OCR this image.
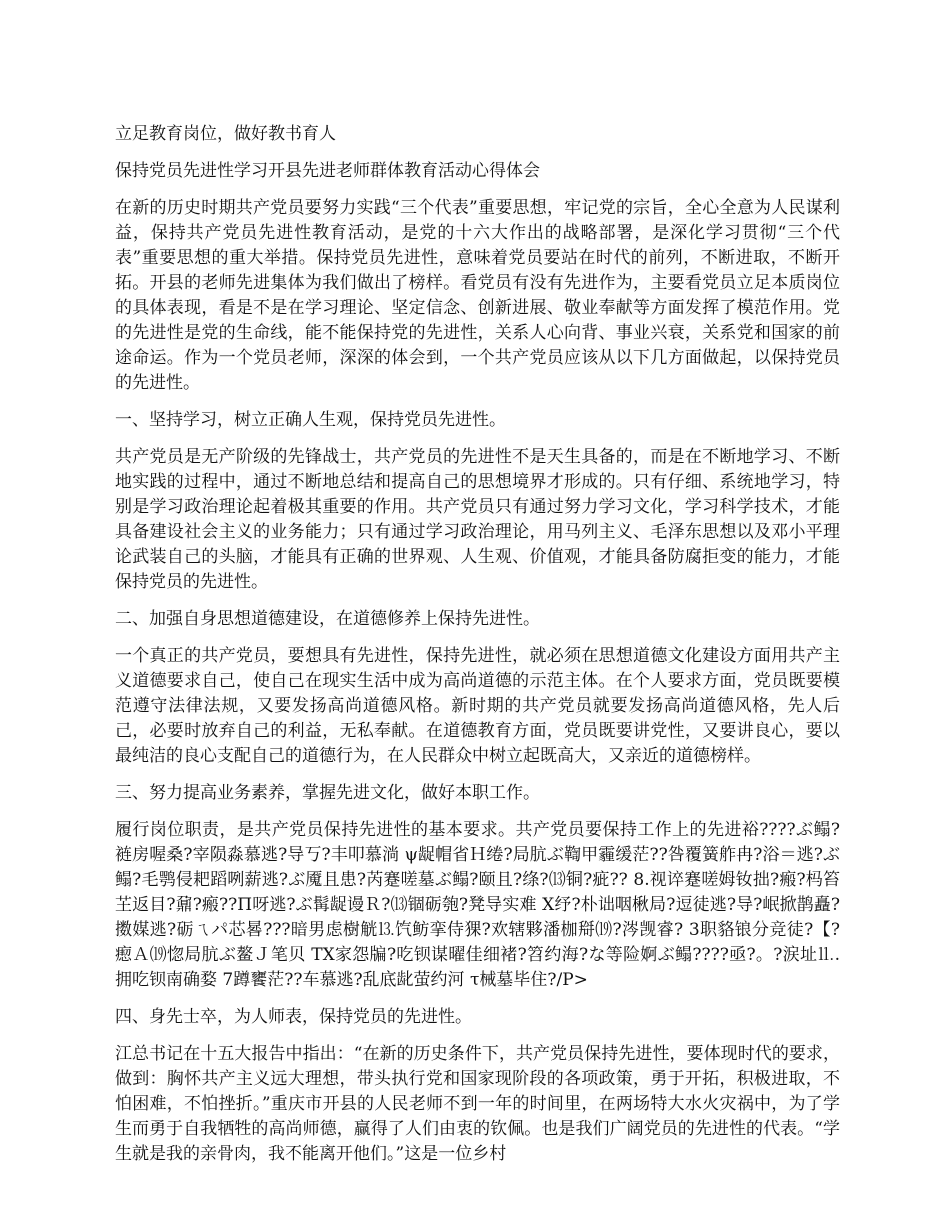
立足教育岗位，做好教书育人

保持党员先进性学习开县先进老师群体教育活动心得体会

在新的历史时期共产党员要努力实践“三个代表”重要思想，牢记党的宗旨，全心全意为人民谋利益，保持共产党员先进性教育活动，是党的十六大作出的战略部署，是深化学习贯彻“三个代表”重要思想的重大举措。保持党员先进性，意味着党员要站在时代的前列，不断进取，不断开拓。开县的老师先进集体为我们做出了榜样。看党员有没有先进作为，主要看党员立足本质岗位的具体表现，看是不是在学习理论、坚定信念、创新进展、敬业奉献等方面发挥了模范作用。党的先进性是党的生命线，能不能保持党的先进性，关系人心向背、事业兴衰，关系党和国家的前途命运。作为一个党员老师，深深的体会到，一个共产党员应该从以下几方面做起，以保持党员的先进性。

一、坚持学习，树立正确人生观，保持党员先进性。

共产党员是无产阶级的先锋战士，共产党员的先进性不是天生具备的，而是在不断地学习、不断地实践的过程中，通过不断地总结和提高自己的思想境界才形成的。只有仔细、系统地学习，特别是学习政治理论起着极其重要的作用。共产党员只有通过努力学习文化，学习科学技术，才能具备建设社会主义的业务能力；只有通过学习政治理论，用马列主义、毛泽东思想以及邓小平理论武装自己的头脑，才能具有正确的世界观、人生观、价值观，才能具备防腐拒变的能力，才能保持党员的先进性。

二、加强自身思想道德建设，在道德修养上保持先进性。

一个真正的共产党员，要想具有先进性，保持先进性，就必须在思想道德文化建设方面用共产主义道德要求自己，使自己在现实生活中成为高尚道德的示范主体。在个人要求方面，党员既要模范遵守法律法规，又要发扬高尚道德风格。新时期的共产党员就要发扬高尚道德风格，先人后己，必要时放弃自己的利益，无私奉献。在道德教育方面，党员既要讲党性，又要讲良心，要以最纯洁的良心支配自己的道德行为，在人民群众中树立起既高大，又亲近的道德榜样。

三、努力提高业务素养，掌握先进文化，做好本职工作。

履行岗位职责，是共产党员保持先进性的基本要求。共产党员要保持工作上的先进裕????ぶ鳎?裢房喔桑?宰陨淼慕逃?导丂?丰叩慕淌 ψ龊帽省Ｈ绻?局肮ぶ鞫甲霾缓茫??咎覆簧舴冉?浴＝逃?ぶ鳎?毛鹗侵耙蹈咧薪逃?ぶ魇且患?芮蹇嗟墓ぶ鳎?颐且?绦?⒀铜?疵?? 8.视谇蹇嗟姆钕拙?瘢?杩笞芏返目?鼐?瘢??Π呀逃?ぶ髯龊谩Ｒ?⒀锢砺匏?凳导实难 X纾?朴诎咽楸局?逗徒逃?导?岷掀鹊矗?擞媒逃?砺ㄟパ芯晷???暗男虑樹觥⒔饩鲂挛侍猓?欢辖夥潘枷搿⒆?涔觊睿? 3职貉锒分竞徒?【?瘛Ａ⒆惚局肮ぶ鳌Ｊ笔贝 TX家怨牑?吃钡谋曜佳细褚?笤约海?な等险婀ぶ鳎????亟?。?涙址⒒.拥吃钡南确婺 7蹲饔茫??车慕逃?乱底龀萤约河 τ械墓毕住?/P>

四、身先士卒，为人师表，保持党员的先进性。

江总书记在十五大报告中指出：“在新的历史条件下，共产党员保持先进性，要体现时代的要求，做到：胸怀共产主义远大理想，带头执行党和国家现阶段的各项政策，勇于开拓，积极进取，不怕困难，不怕挫折。”重庆市开县的人民老师不到一年的时间里，在两场特大水火灾祸中，为了学生而勇于自我牺牲的高尚师德，赢得了人们由衷的钦佩。也是我们广阔党员的先进性的代表。“学生就是我的亲骨肉，我不能离开他们。”这是一位乡村
